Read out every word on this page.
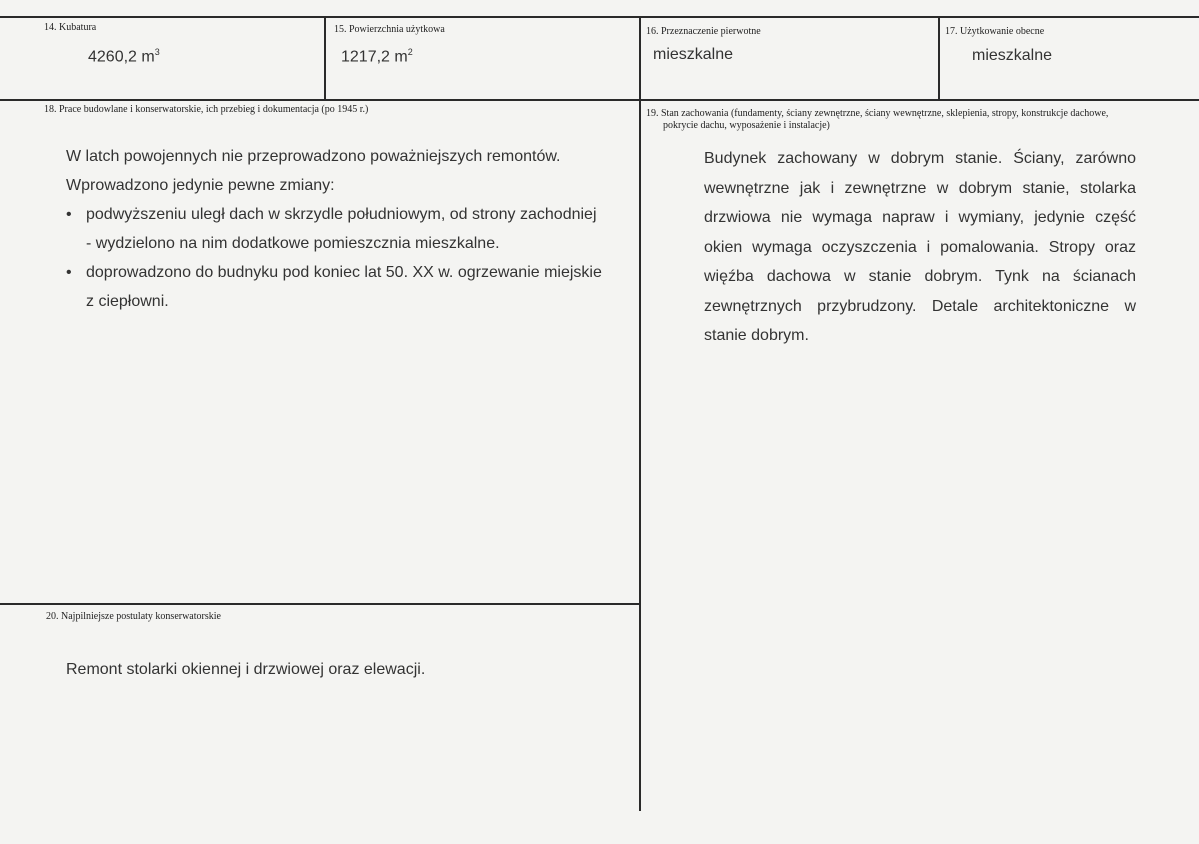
14. Kubatura
4260,2 $m^3$
15. Powierzchnia użytkowa
1217,2 $m^2$
16. Przeznaczenie pierwotne
mieszkalne
17. Użytkowanie obecne
mieszkalne
18. Prace budowlane i konserwatorskie, ich przebieg i dokumentacja (po 1945 r.)

W latch powojennych nie przeprowadzono poważniejszych remontów.

Wprowadzono jedynie pewne zmiany:

• podwyższeniu uległ dach w skrzydle południowym, od strony zachodniej
- wydzielono na nim dodatkowe pomieszcznia mieszkalne.
• doprowadzono do budnyku pod koniec lat 50. XX w. ogrzewanie miejskie
z ciepłowni.
19. Stan zachowania (fundamenty, ściany zewnętrzne, ściany wewnętrzne, sklepienia, stropy, konstrukcje dachowe,
pokrycie dachu, wyposażenie i instalacje)
Budynek zachowany w dobrym stanie. Ściany, zarówno wewnętrzne jak i zewnętrzne w dobrym stanie, stolarka drzwiowa nie wymaga napraw i wymiany, jedynie część okien wymaga oczyszczenia i pomalowania. Stropy oraz więźba dachowa w stanie dobrym. Tynk na ścianach zewnętrznych przybrudzony. Detale architektoniczne w stanie dobrym.
20. Najpilniejsze postulaty konserwatorskie
Remont stolarki okiennej i drzwiowej oraz elewacji.
